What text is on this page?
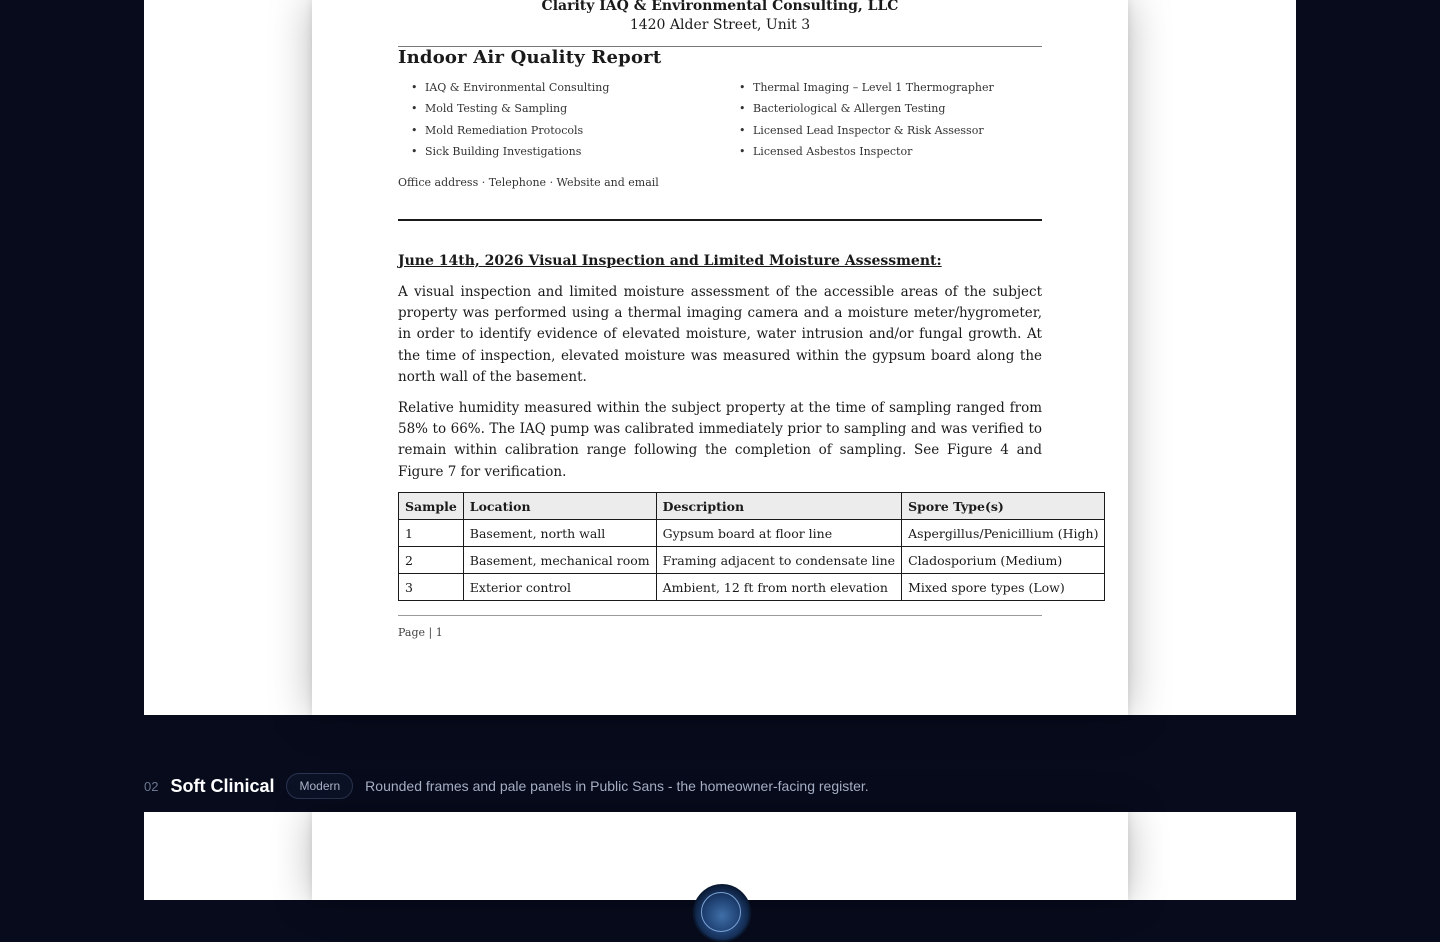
Clarity IAQ & Environmental Consulting, LLC
1420 Alder Street, Unit 3
Indoor Air Quality Report
• IAQ & Environmental Consulting
• Mold Testing & Sampling
• Mold Remediation Protocols
• Sick Building Investigations
• Thermal Imaging – Level 1 Thermographer
• Bacteriological & Allergen Testing
• Licensed Lead Inspector & Risk Assessor
• Licensed Asbestos Inspector
Office address · Telephone · Website and email
June 14th, 2026 Visual Inspection and Limited Moisture Assessment:

A visual inspection and limited moisture assessment of the accessible areas of the subject property was performed using a thermal imaging camera and a moisture meter/hygrometer, in order to identify evidence of elevated moisture, water intrusion and/or fungal growth. At the time of inspection, elevated moisture was measured within the gypsum board along the north wall of the basement.

Relative humidity measured within the subject property at the time of sampling ranged from 58% to 66%. The IAQ pump was calibrated immediately prior to sampling and was verified to remain within calibration range following the completion of sampling. See Figure 4 and Figure 7 for verification.

Sample	Location	Description	Spore Type(s)
1	Basement, north wall	Gypsum board at floor line	Aspergillus/Penicillium (High)
2	Basement, mechanical room	Framing adjacent to condensate line	Cladosporium (Medium)
3	Exterior control	Ambient, 12 ft from north elevation	Mixed spore types (Low)
Page | 1
02 Soft Clinical	Modern	Rounded frames and pale panels in Public Sans - the homeowner-facing register.
